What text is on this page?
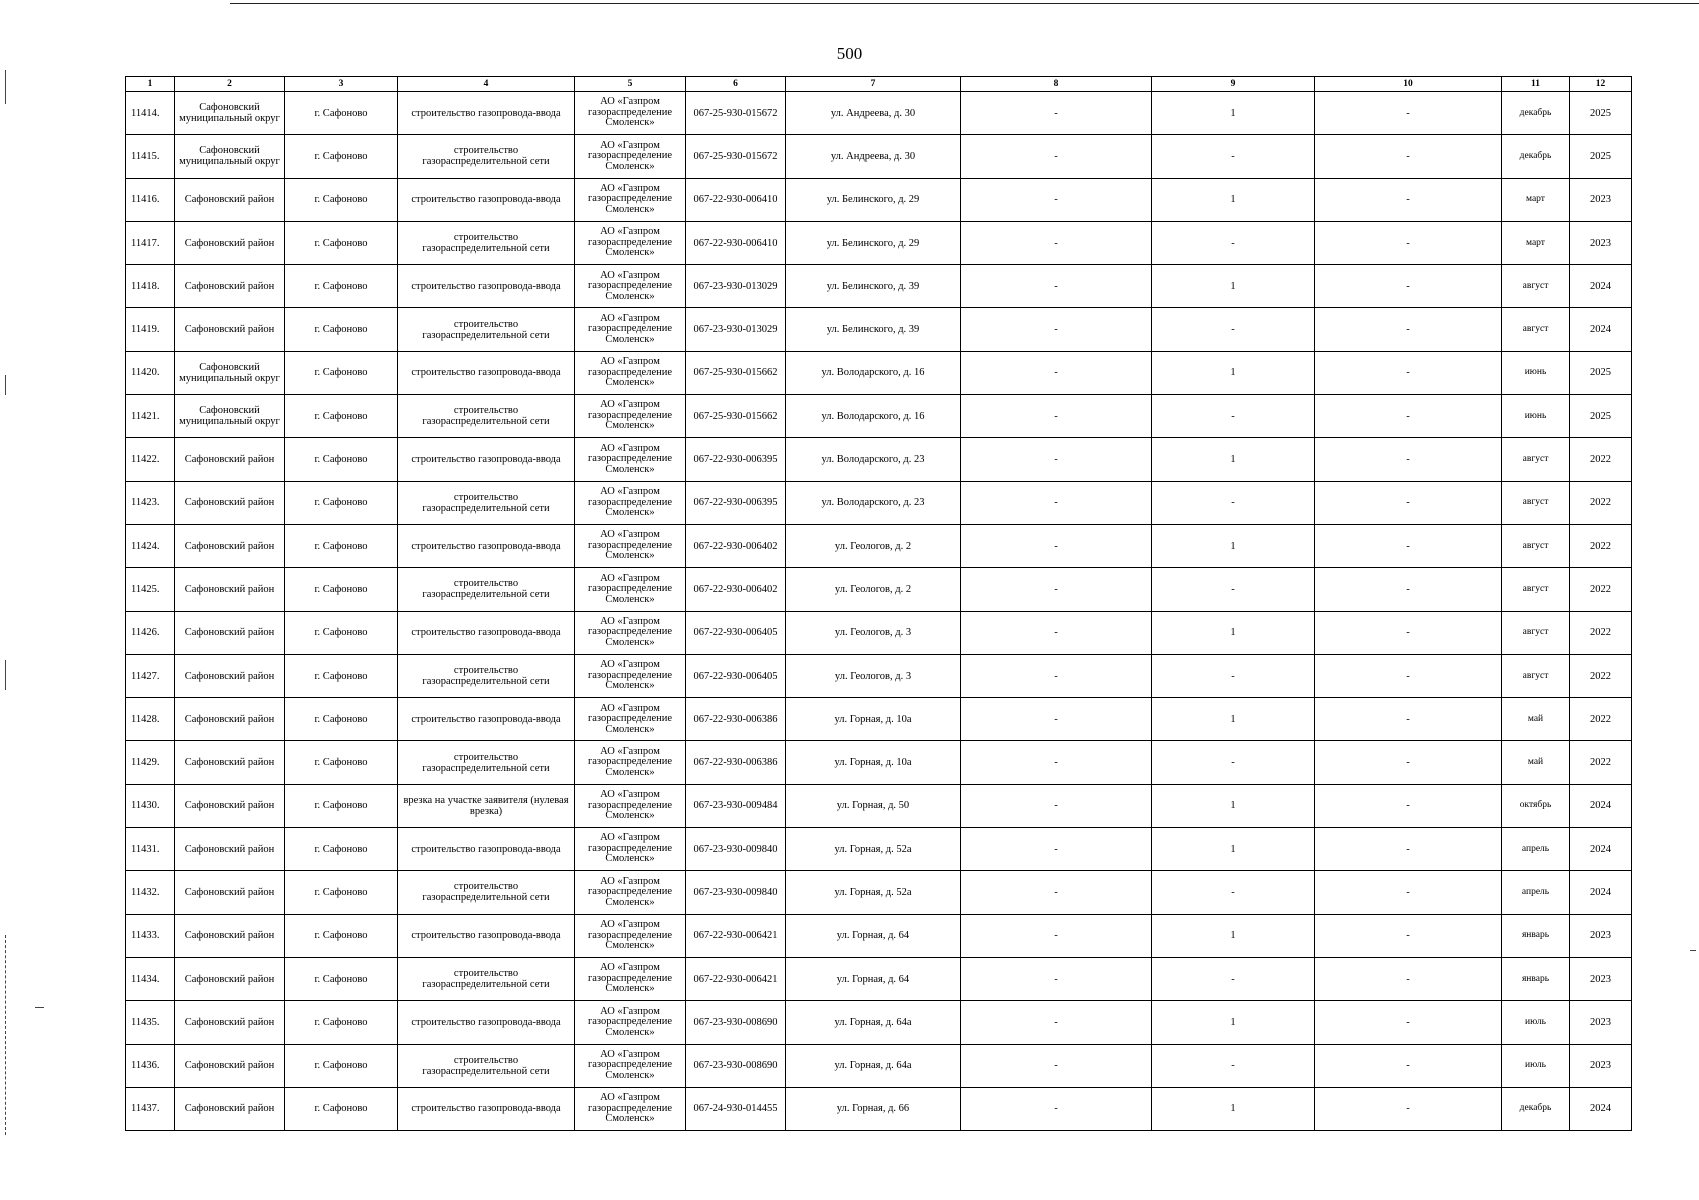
500
1	2	3	4	5	6	7	8	9	10	11	12
11414.	Сафоновский муниципальный округ	г. Сафоново	строительство газопровода-ввода	АО «Газпром газораспределение Смоленск»	067-25-930-015672	ул. Андреева, д. 30	-	1	-	декабрь	2025
11415.	Сафоновский муниципальный округ	г. Сафоново	строительство газораспределительной сети	АО «Газпром газораспределение Смоленск»	067-25-930-015672	ул. Андреева, д. 30	-	-	-	декабрь	2025
11416.	Сафоновский район	г. Сафоново	строительство газопровода-ввода	АО «Газпром газораспределение Смоленск»	067-22-930-006410	ул. Белинского, д. 29	-	1	-	март	2023
11417.	Сафоновский район	г. Сафоново	строительство газораспределительной сети	АО «Газпром газораспределение Смоленск»	067-22-930-006410	ул. Белинского, д. 29	-	-	-	март	2023
11418.	Сафоновский район	г. Сафоново	строительство газопровода-ввода	АО «Газпром газораспределение Смоленск»	067-23-930-013029	ул. Белинского, д. 39	-	1	-	август	2024
11419.	Сафоновский район	г. Сафоново	строительство газораспределительной сети	АО «Газпром газораспределение Смоленск»	067-23-930-013029	ул. Белинского, д. 39	-	-	-	август	2024
11420.	Сафоновский муниципальный округ	г. Сафоново	строительство газопровода-ввода	АО «Газпром газораспределение Смоленск»	067-25-930-015662	ул. Володарского, д. 16	-	1	-	июнь	2025
11421.	Сафоновский муниципальный округ	г. Сафоново	строительство газораспределительной сети	АО «Газпром газораспределение Смоленск»	067-25-930-015662	ул. Володарского, д. 16	-	-	-	июнь	2025
11422.	Сафоновский район	г. Сафоново	строительство газопровода-ввода	АО «Газпром газораспределение Смоленск»	067-22-930-006395	ул. Володарского, д. 23	-	1	-	август	2022
11423.	Сафоновский район	г. Сафоново	строительство газораспределительной сети	АО «Газпром газораспределение Смоленск»	067-22-930-006395	ул. Володарского, д. 23	-	-	-	август	2022
11424.	Сафоновский район	г. Сафоново	строительство газопровода-ввода	АО «Газпром газораспределение Смоленск»	067-22-930-006402	ул. Геологов, д. 2	-	1	-	август	2022
11425.	Сафоновский район	г. Сафоново	строительство газораспределительной сети	АО «Газпром газораспределение Смоленск»	067-22-930-006402	ул. Геологов, д. 2	-	-	-	август	2022
11426.	Сафоновский район	г. Сафоново	строительство газопровода-ввода	АО «Газпром газораспределение Смоленск»	067-22-930-006405	ул. Геологов, д. 3	-	1	-	август	2022
11427.	Сафоновский район	г. Сафоново	строительство газораспределительной сети	АО «Газпром газораспределение Смоленск»	067-22-930-006405	ул. Геологов, д. 3	-	-	-	август	2022
11428.	Сафоновский район	г. Сафоново	строительство газопровода-ввода	АО «Газпром газораспределение Смоленск»	067-22-930-006386	ул. Горная, д. 10а	-	1	-	май	2022
11429.	Сафоновский район	г. Сафоново	строительство газораспределительной сети	АО «Газпром газораспределение Смоленск»	067-22-930-006386	ул. Горная, д. 10а	-	-	-	май	2022
11430.	Сафоновский район	г. Сафоново	врезка на участке заявителя (нулевая врезка)	АО «Газпром газораспределение Смоленск»	067-23-930-009484	ул. Горная, д. 50	-	1	-	октябрь	2024
11431.	Сафоновский район	г. Сафоново	строительство газопровода-ввода	АО «Газпром газораспределение Смоленск»	067-23-930-009840	ул. Горная, д. 52а	-	1	-	апрель	2024
11432.	Сафоновский район	г. Сафоново	строительство газораспределительной сети	АО «Газпром газораспределение Смоленск»	067-23-930-009840	ул. Горная, д. 52а	-	-	-	апрель	2024
11433.	Сафоновский район	г. Сафоново	строительство газопровода-ввода	АО «Газпром газораспределение Смоленск»	067-22-930-006421	ул. Горная, д. 64	-	1	-	январь	2023
11434.	Сафоновский район	г. Сафоново	строительство газораспределительной сети	АО «Газпром газораспределение Смоленск»	067-22-930-006421	ул. Горная, д. 64	-	-	-	январь	2023
11435.	Сафоновский район	г. Сафоново	строительство газопровода-ввода	АО «Газпром газораспределение Смоленск»	067-23-930-008690	ул. Горная, д. 64а	-	1	-	июль	2023
11436.	Сафоновский район	г. Сафоново	строительство газораспределительной сети	АО «Газпром газораспределение Смоленск»	067-23-930-008690	ул. Горная, д. 64а	-	-	-	июль	2023
11437.	Сафоновский район	г. Сафоново	строительство газопровода-ввода	АО «Газпром газораспределение Смоленск»	067-24-930-014455	ул. Горная, д. 66	-	1	-	декабрь	2024
